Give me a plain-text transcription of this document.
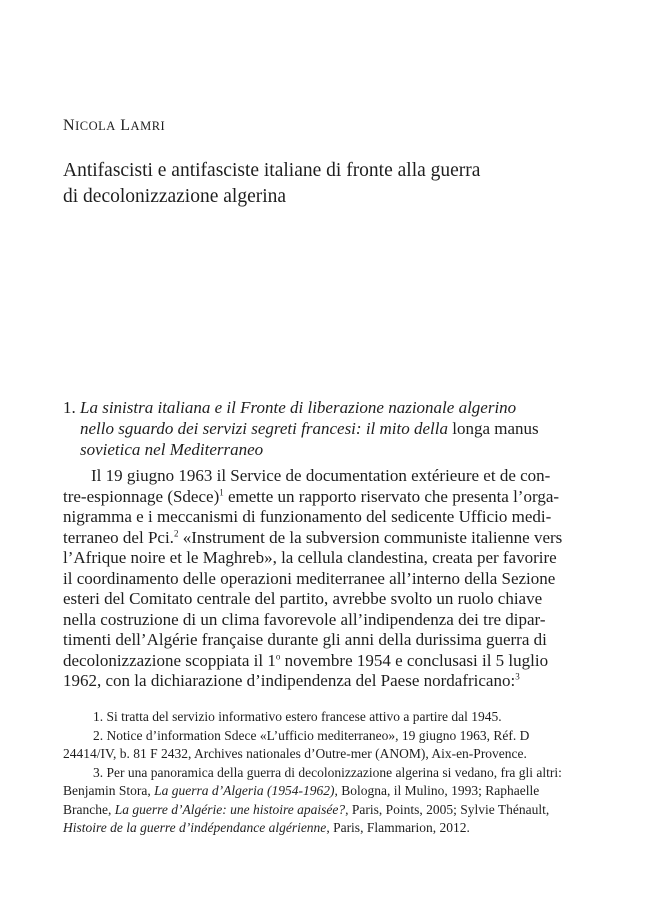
NICOLA LAMRI
Antifascisti e antifasciste italiane di fronte alla guerra
di decolonizzazione algerina
1. La sinistra italiana e il Fronte di liberazione nazionale algerino
nello sguardo dei servizi segreti francesi: il mito della longa manus
sovietica nel Mediterraneo
Il 19 giugno 1963 il Service de documentation extérieure et de con-
tre-espionnage (Sdece)$^1$ emette un rapporto riservato che presenta l’orga-
nigramma e i meccanismi di funzionamento del sedicente Ufficio medi-
terraneo del Pci.$^2$ «Instrument de la subversion communiste italienne vers
l’Afrique noire et le Maghreb», la cellula clandestina, creata per favorire
il coordinamento delle operazioni mediterranee all’interno della Sezione
esteri del Comitato centrale del partito, avrebbe svolto un ruolo chiave
nella costruzione di un clima favorevole all’indipendenza dei tre dipar-
timenti dell’Algérie française durante gli anni della durissima guerra di
decolonizzazione scoppiata il 1$^o$ novembre 1954 e conclusasi il 5 luglio
1962, con la dichiarazione d’indipendenza del Paese nordafricano:$^3$
1. Si tratta del servizio informativo estero francese attivo a partire dal 1945.
2. Notice d’information Sdece «L’ufficio mediterraneo», 19 giugno 1963, Réf. D
24414/IV, b. 81 F 2432, Archives nationales d’Outre-mer (ANOM), Aix-en-Provence.
3. Per una panoramica della guerra di decolonizzazione algerina si vedano, fra gli altri:
Benjamin Stora, La guerra d’Algeria (1954-1962), Bologna, il Mulino, 1993; Raphaelle
Branche, La guerre d’Algérie: une histoire apaisée?, Paris, Points, 2005; Sylvie Thénault,
Histoire de la guerre d’indépendance algérienne, Paris, Flammarion, 2012.
